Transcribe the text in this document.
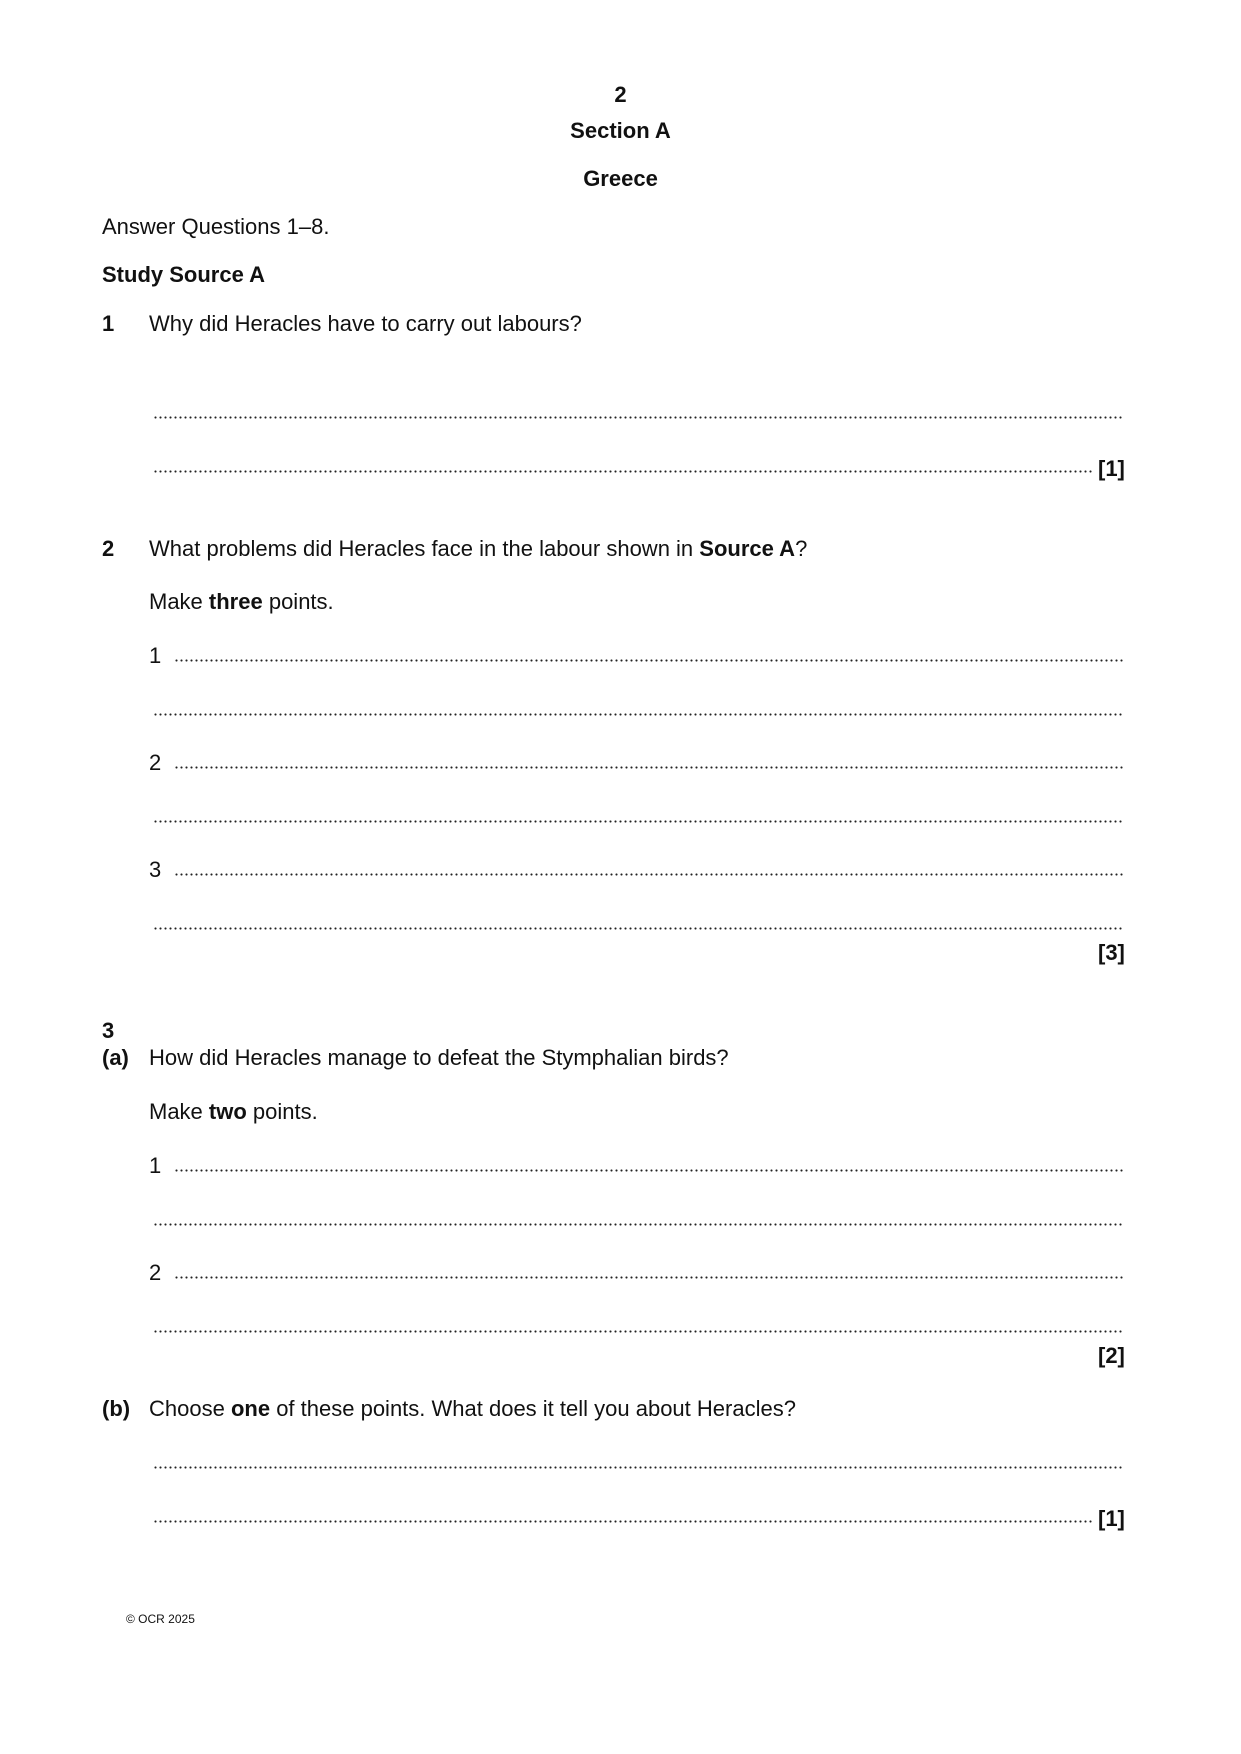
2
Section A
Greece
Answer Questions 1–8.
Study Source A
1 Why did Heracles have to carry out labours?
[1]
2 What problems did Heracles face in the labour shown in Source A?
Make three points.
1
2
3
[3]
3
(a) How did Heracles manage to defeat the Stymphalian birds?
Make two points.
1
2
[2]
(b) Choose one of these points. What does it tell you about Heracles?
[1]
© OCR 2025
